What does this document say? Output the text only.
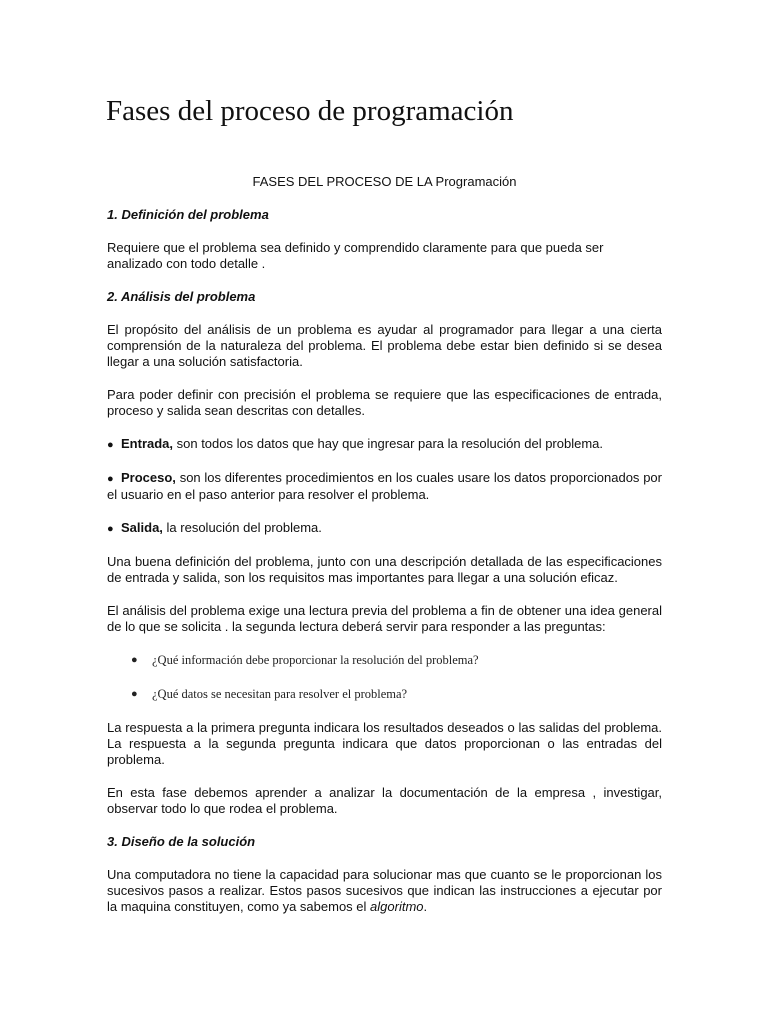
Fases del proceso de programación

FASES DEL PROCESO DE LA Programación

1. Definición del problema

Requiere que el problema sea definido y comprendido claramente para que pueda ser analizado con todo detalle .

2. Análisis del problema

El propósito del análisis de un problema es ayudar al programador para llegar a una cierta comprensión de la naturaleza del problema. El problema debe estar bien definido si se desea llegar a una solución satisfactoria.

Para poder definir con precisión el problema se requiere que las especificaciones de entrada, proceso y salida sean descritas con detalles.

● Entrada, son todos los datos que hay que ingresar para la resolución del problema.

● Proceso, son los diferentes procedimientos en los cuales usare los datos proporcionados por el usuario en el paso anterior para resolver el problema.

● Salida, la resolución del problema.

Una buena definición del problema, junto con una descripción detallada de las especificaciones de entrada y salida, son los requisitos mas importantes para llegar a una solución eficaz.

El análisis del problema exige una lectura previa del problema a fin de obtener una idea general de lo que se solicita . la segunda lectura deberá servir para responder a las preguntas:

● ¿Qué información debe proporcionar la resolución del problema?
● ¿Qué datos se necesitan para resolver el problema?

La respuesta a la primera pregunta indicara los resultados deseados o las salidas del problema. La respuesta a la segunda pregunta indicara que datos proporcionan o las entradas del problema.

En esta fase debemos aprender a analizar la documentación de la empresa , investigar, observar todo lo que rodea el problema.

3. Diseño de la solución

Una computadora no tiene la capacidad para solucionar mas que cuanto se le proporcionan los sucesivos pasos a realizar. Estos pasos sucesivos que indican las instrucciones a ejecutar por la maquina constituyen, como ya sabemos el algoritmo.
